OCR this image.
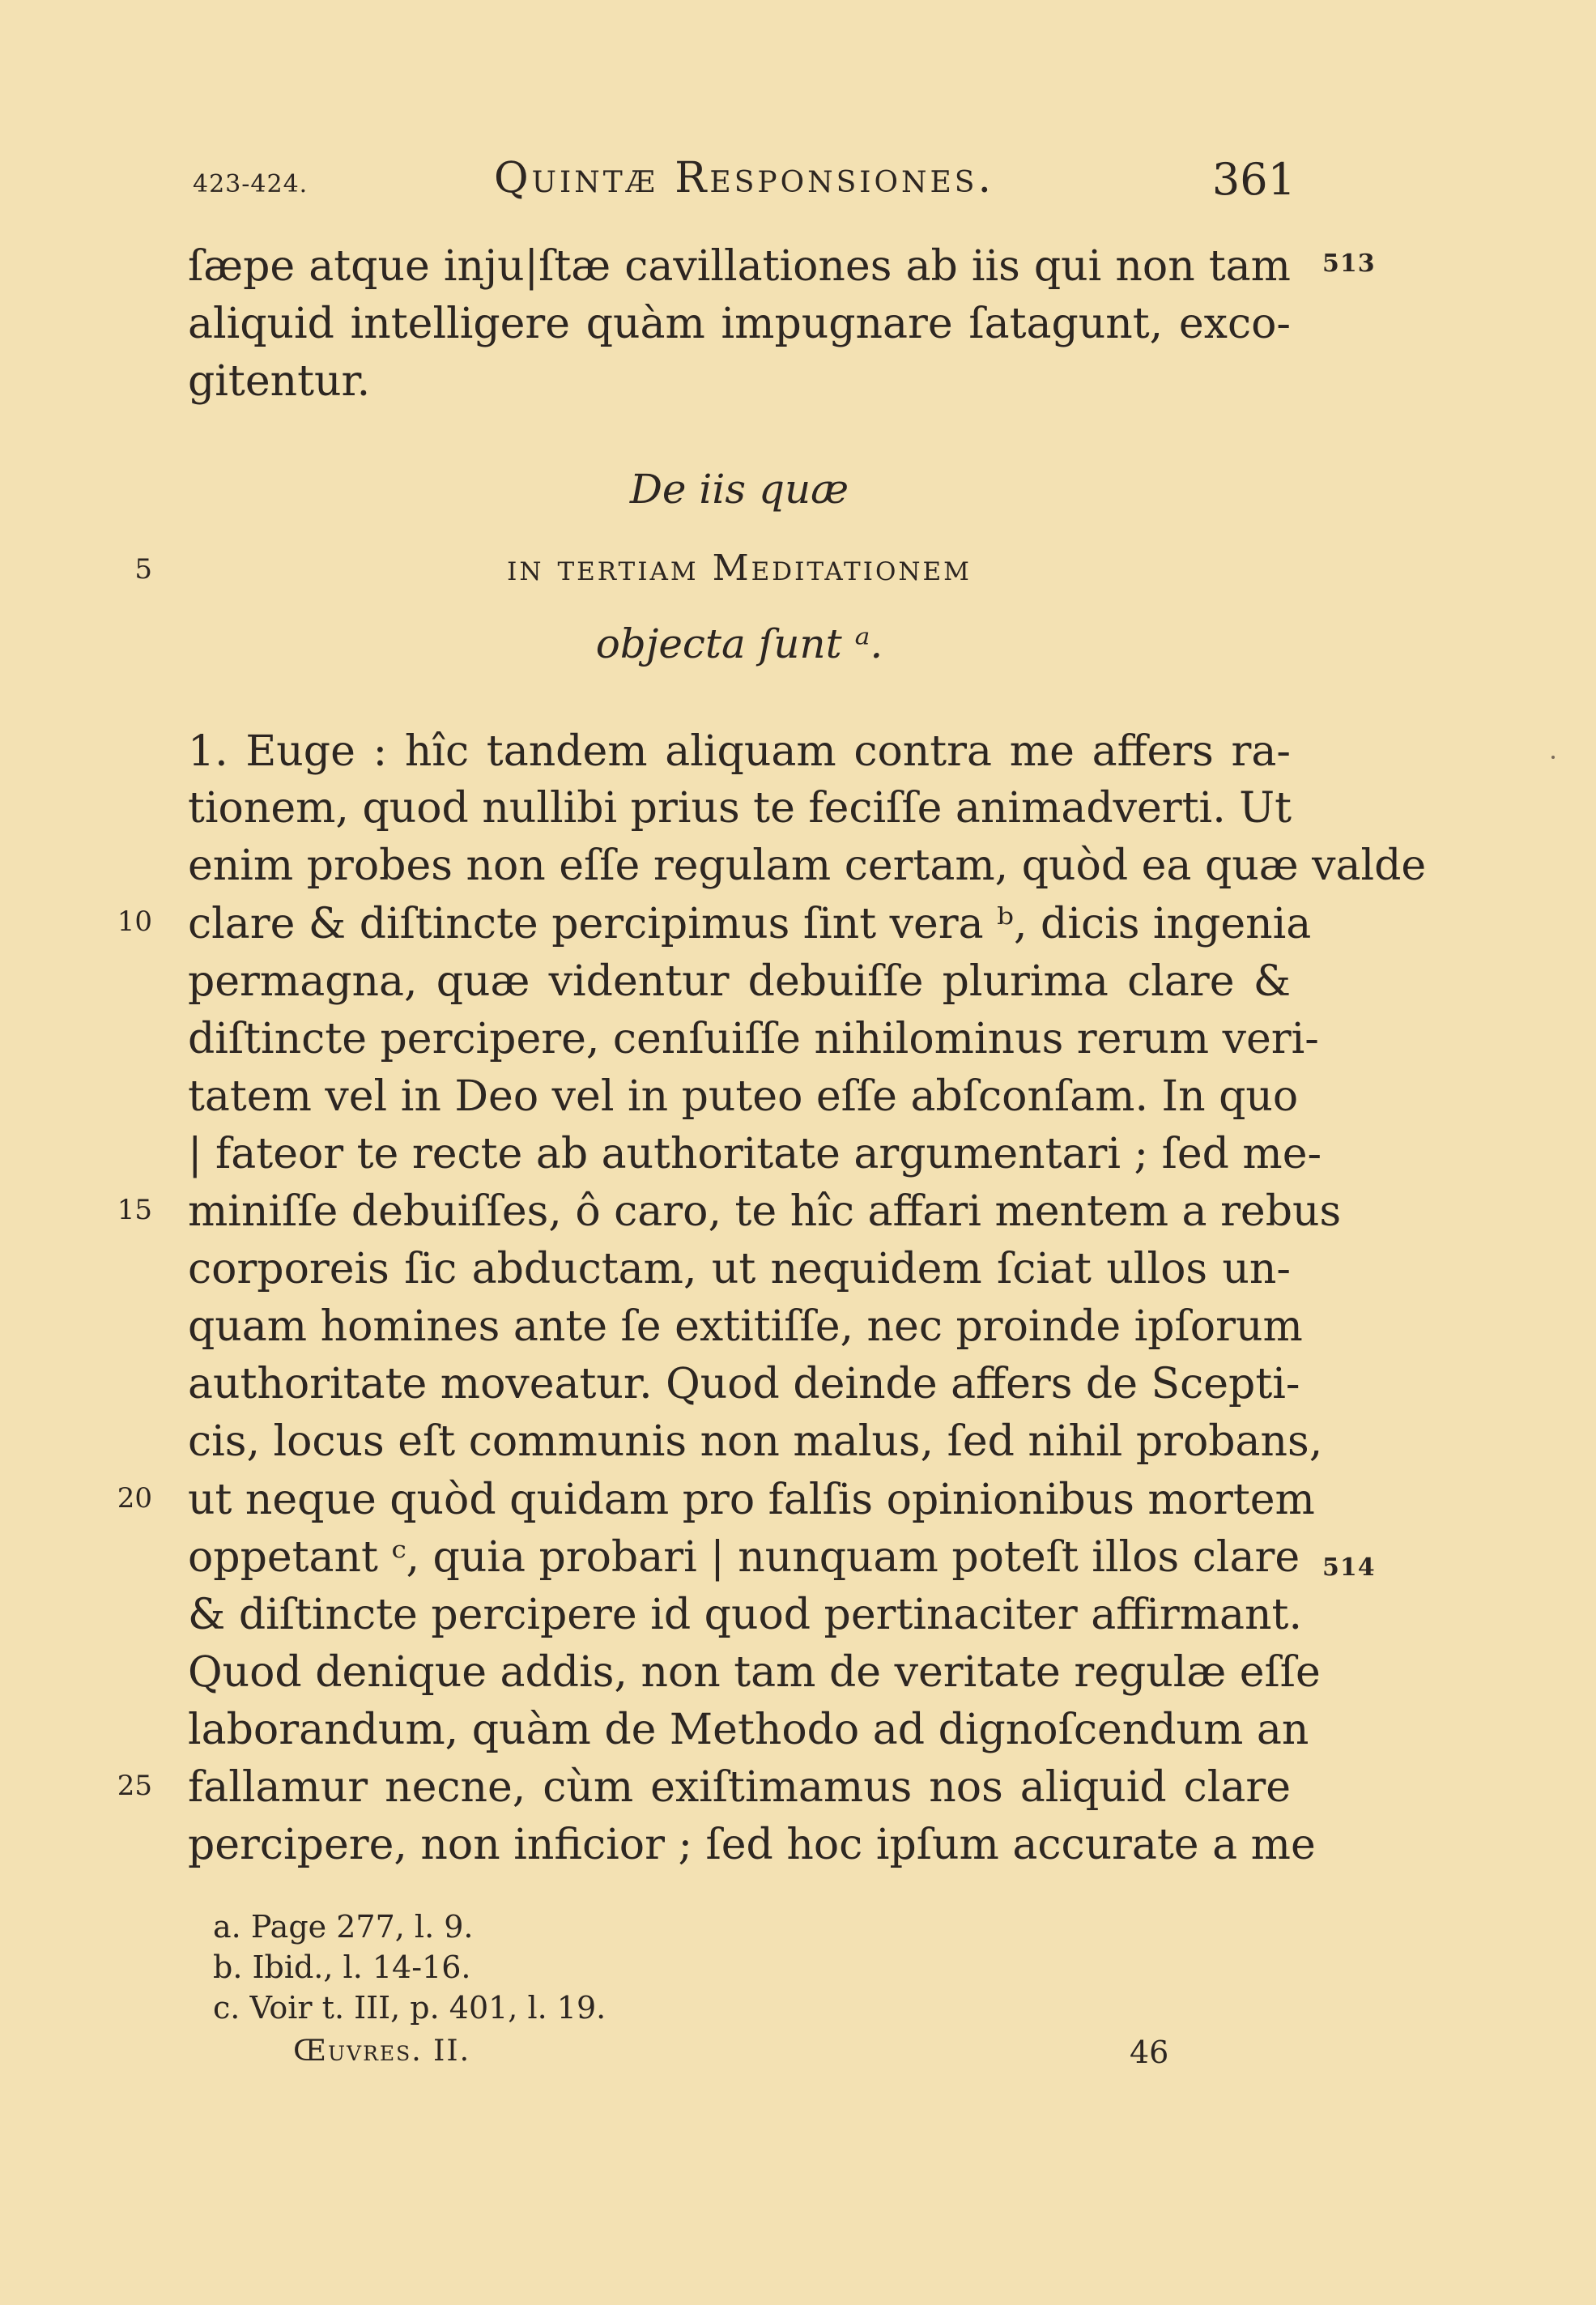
423-424.	Quintæ Responsiones.	361
513
ſæpe atque inju|ſtæ cavillationes ab iis qui non tam
aliquid intelligere quàm impugnare ſatagunt, exco-
gitentur.
De iis quæ
5	in tertiam Meditationem
objecta ſunt ᵃ.
1. Euge : hîc tandem aliquam contra me affers ra-
tionem, quod nullibi prius te feciſſe animadverti. Ut
enim probes non eſſe regulam certam, quòd ea quæ valde
10 clare & diſtincte percipimus ſint vera ᵇ, dicis ingenia
permagna, quæ videntur debuiſſe plurima clare &
diſtincte percipere, cenſuiſſe nihilominus rerum veri-
tatem vel in Deo vel in puteo eſſe abſconſam. In quo
| fateor te recte ab authoritate argumentari ; ſed me-
15 miniſſe debuiſſes, ô caro, te hîc affari mentem a rebus
corporeis ſic abductam, ut nequidem ſciat ullos un-
quam homines ante ſe extitiſſe, nec proinde ipſorum
authoritate moveatur. Quod deinde affers de Scepti-
cis, locus eſt communis non malus, ſed nihil probans,
20 ut neque quòd quidam pro falſis opinionibus mortem
514
oppetant ᶜ, quia probari | nunquam poteſt illos clare
& diſtincte percipere id quod pertinaciter affirmant.
Quod denique addis, non tam de veritate regulæ eſſe
laborandum, quàm de Methodo ad dignoſcendum an
25 fallamur necne, cùm exiſtimamus nos aliquid clare
percipere, non inficior ; ſed hoc ipſum accurate a me
a. Page 277, l. 9.
b. Ibid., l. 14-16.
c. Voir t. III, p. 401, l. 19.
Œuvres. II.	46
